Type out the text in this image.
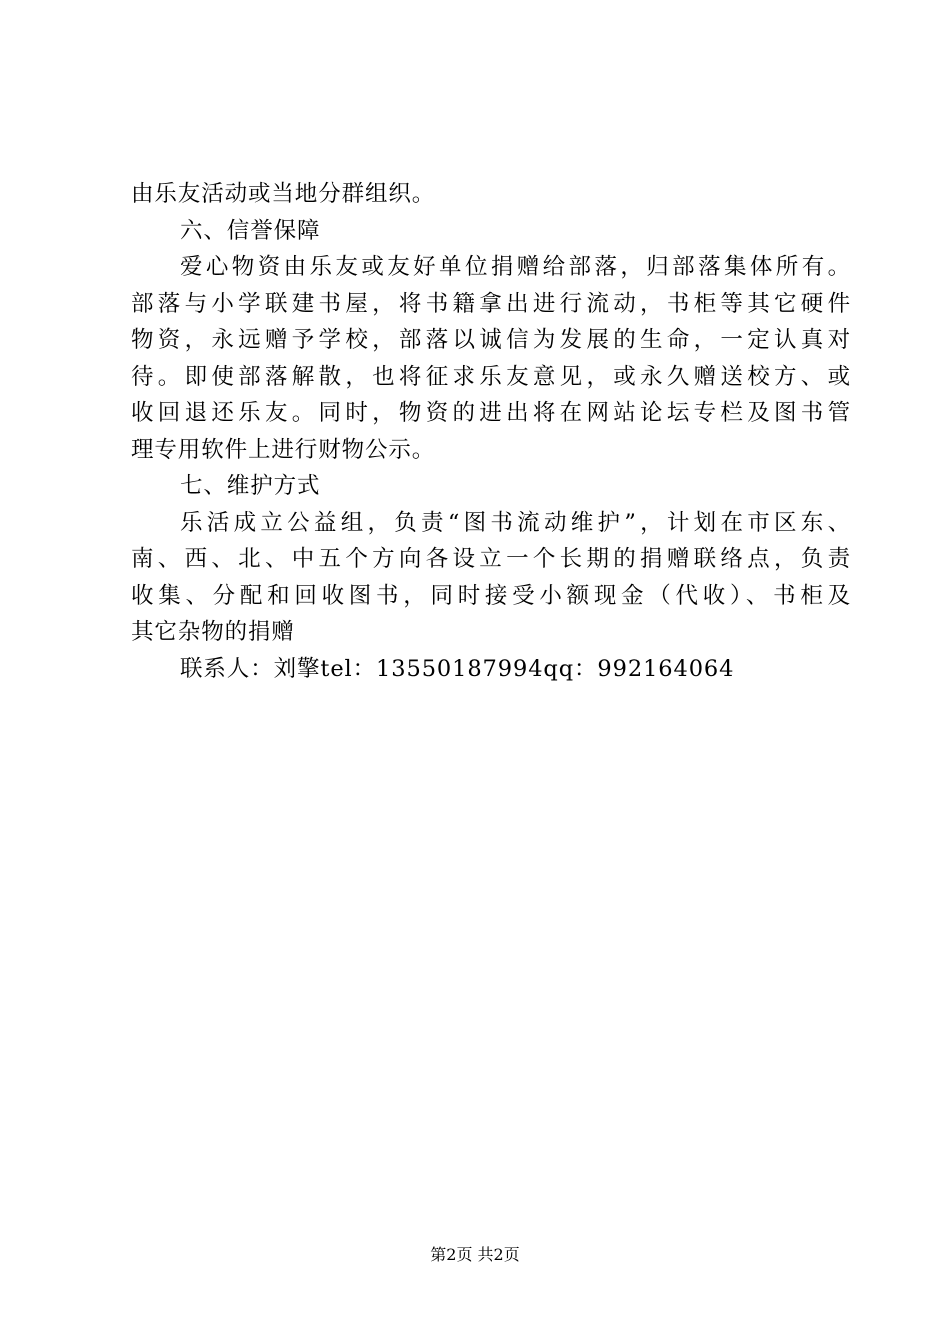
由乐友活动或当地分群组织。
六、信誉保障
爱心物资由乐友或友好单位捐赠给部落，归部落集体所有。
部落与小学联建书屋，将书籍拿出进行流动，书柜等其它硬件
物资，永远赠予学校，部落以诚信为发展的生命，一定认真对
待。即使部落解散，也将征求乐友意见，或永久赠送校方、或
收回退还乐友。同时，物资的进出将在网站论坛专栏及图书管
理专用软件上进行财物公示。
七、维护方式
乐活成立公益组，负责“图书流动维护”，计划在市区东、
南、西、北、中五个方向各设立一个长期的捐赠联络点，负责
收集、分配和回收图书，同时接受小额现金（代收）、书柜及
其它杂物的捐赠
联系人：刘擎tel：13550187994qq：992164064
第2页 共2页
